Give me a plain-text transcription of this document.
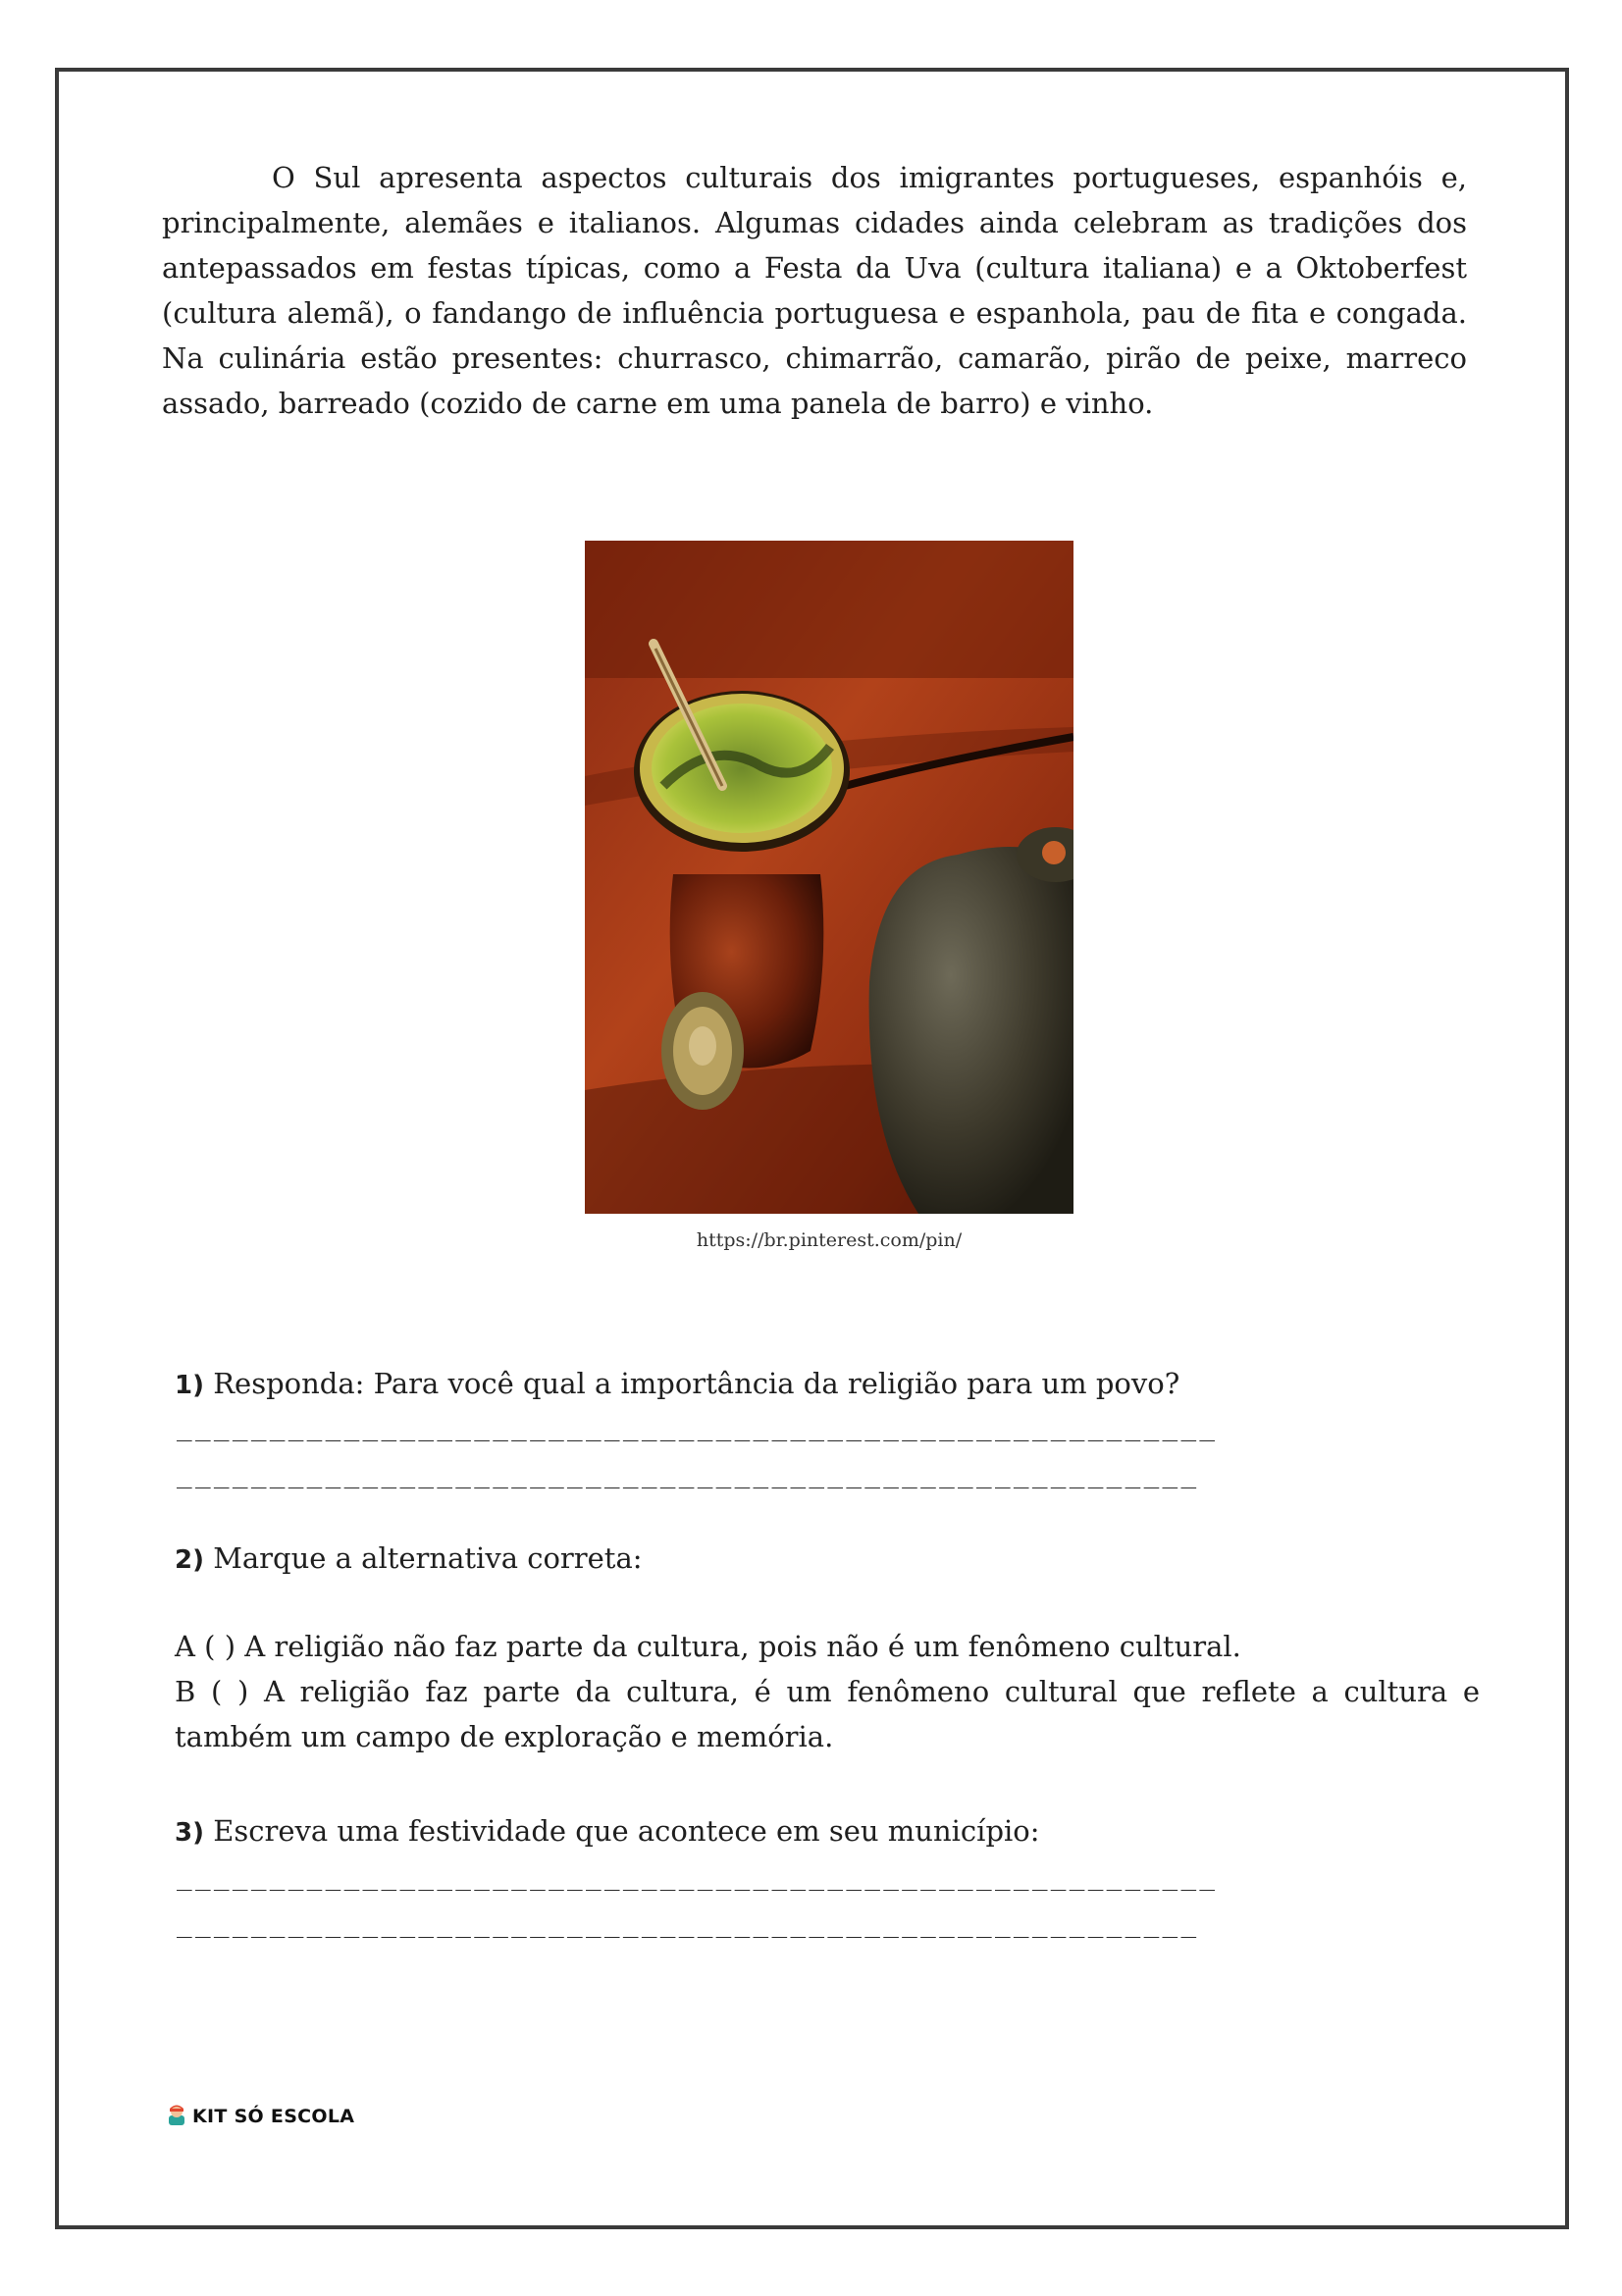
O Sul apresenta aspectos culturais dos imigrantes portugueses, espanhóis e, principalmente, alemães e italianos. Algumas cidades ainda celebram as tradições dos antepassados em festas típicas, como a Festa da Uva (cultura italiana) e a Oktoberfest (cultura alemã), o fandango de influência portuguesa e espanhola, pau de fita e congada. Na culinária estão presentes: churrasco, chimarrão, camarão, pirão de peixe, marreco assado, barreado (cozido de carne em uma panela de barro) e vinho.

https://br.pinterest.com/pin/

1) Responda: Para você qual a importância da religião para um povo?

________________________________________________________
_______________________________________________________

2) Marque a alternativa correta:

A ( ) A religião não faz parte da cultura, pois não é um fenômeno cultural.

B ( ) A religião faz parte da cultura, é um fenômeno cultural que reflete a cultura e também um campo de exploração e memória.

3) Escreva uma festividade que acontece em seu município:

________________________________________________________
_______________________________________________________
KIT SÓ ESCOLA
